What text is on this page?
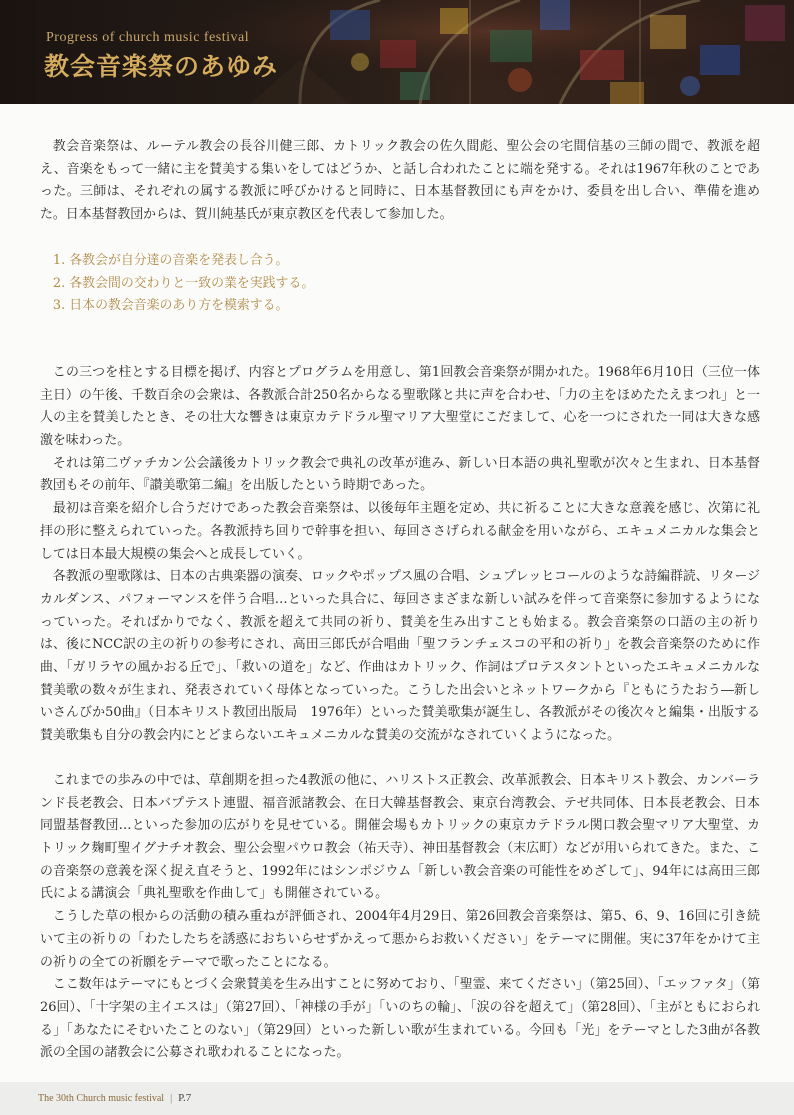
Progress of church music festival
教会音楽祭のあゆみ

教会音楽祭は、ルーテル教会の長谷川健三郎、カトリック教会の佐久間彪、聖公会の宅間信基の三師の間で、教派を超え、音楽をもって一緒に主を賛美する集いをしてはどうか、と話し合われたことに端を発する。それは1967年秋のことであった。三師は、それぞれの属する教派に呼びかけると同時に、日本基督教団にも声をかけ、委員を出し合い、準備を進めた。日本基督教団からは、賀川純基氏が東京教区を代表して参加した。

1. 各教会が自分達の音楽を発表し合う。
2. 各教会間の交わりと一致の業を実践する。
3. 日本の教会音楽のあり方を模索する。

この三つを柱とする目標を掲げ、内容とプログラムを用意し、第1回教会音楽祭が開かれた。1968年6月10日（三位一体主日）の午後、千数百余の会衆は、各教派合計250名からなる聖歌隊と共に声を合わせ、「力の主をほめたたえまつれ」と一人の主を賛美したとき、その壮大な響きは東京カテドラル聖マリア大聖堂にこだまして、心を一つにされた一同は大きな感激を味わった。

それは第二ヴァチカン公会議後カトリック教会で典礼の改革が進み、新しい日本語の典礼聖歌が次々と生まれ、日本基督教団もその前年、『讃美歌第二編』を出版したという時期であった。

最初は音楽を紹介し合うだけであった教会音楽祭は、以後毎年主題を定め、共に祈ることに大きな意義を感じ、次第に礼拝の形に整えられていった。各教派持ち回りで幹事を担い、毎回ささげられる献金を用いながら、エキュメニカルな集会としては日本最大規模の集会へと成長していく。

各教派の聖歌隊は、日本の古典楽器の演奏、ロックやポップス風の合唱、シュプレッヒコールのような詩編群読、リタージカルダンス、パフォーマンスを伴う合唱…といった具合に、毎回さまざまな新しい試みを伴って音楽祭に参加するようになっていった。そればかりでなく、教派を超えて共同の祈り、賛美を生み出すことも始まる。教会音楽祭の口語の主の祈りは、後にNCC訳の主の祈りの参考にされ、高田三郎氏が合唱曲「聖フランチェスコの平和の祈り」を教会音楽祭のために作曲、「ガリラヤの風かおる丘で」、「救いの道を」など、作曲はカトリック、作詞はプロテスタントといったエキュメニカルな賛美歌の数々が生まれ、発表されていく母体となっていった。こうした出会いとネットワークから『ともにうたおう―新しいさんびか50曲』（日本キリスト教団出版局　1976年）といった賛美歌集が誕生し、各教派がその後次々と編集・出版する賛美歌集も自分の教会内にとどまらないエキュメニカルな賛美の交流がなされていくようになった。

これまでの歩みの中では、草創期を担った4教派の他に、ハリストス正教会、改革派教会、日本キリスト教会、カンバーランド長老教会、日本バプテスト連盟、福音派諸教会、在日大韓基督教会、東京台湾教会、テゼ共同体、日本長老教会、日本同盟基督教団…といった参加の広がりを見せている。開催会場もカトリックの東京カテドラル関口教会聖マリア大聖堂、カトリック麹町聖イグナチオ教会、聖公会聖パウロ教会（祐天寺）、神田基督教会（末広町）などが用いられてきた。また、この音楽祭の意義を深く捉え直そうと、1992年にはシンポジウム「新しい教会音楽の可能性をめざして」、94年には高田三郎氏による講演会「典礼聖歌を作曲して」も開催されている。

こうした草の根からの活動の積み重ねが評価され、2004年4月29日、第26回教会音楽祭は、第5、6、9、16回に引き続いて主の祈りの「わたしたちを誘惑におちいらせずかえって悪からお救いください」をテーマに開催。実に37年をかけて主の祈りの全ての祈願をテーマで歌ったことになる。

ここ数年はテーマにもとづく会衆賛美を生み出すことに努めており、「聖霊、来てください」（第25回）、「エッファタ」（第26回）、「十字架の主イエスは」（第27回）、「神様の手が」「いのちの輪」、「涙の谷を超えて」（第28回）、「主がともにおられる」「あなたにそむいたことのない」（第29回）といった新しい歌が生まれている。今回も「光」をテーマとした3曲が各教派の全国の諸教会に公募され歌われることになった。

The 30th Church music festival | P.7
